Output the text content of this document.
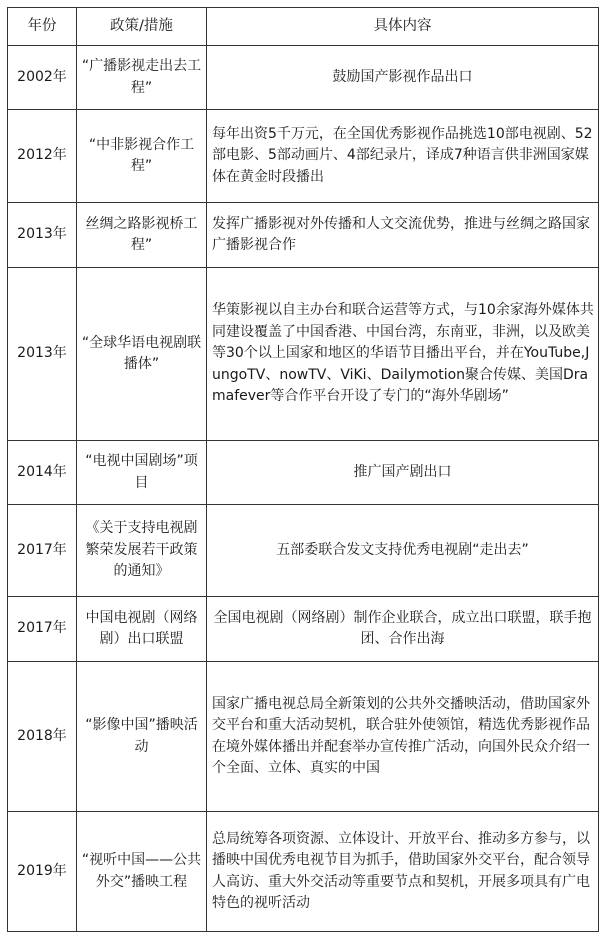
年份	政策/措施	具体内容
2002年	“广播影视走出去工程”	鼓励国产影视作品出口
2012年	“中非影视合作工程”	每年出资5千万元，在全国优秀影视作品挑选10部电视剧、52部电影、5部动画片、4部纪录片，译成7种语言供非洲国家媒体在黄金时段播出
2013年	丝绸之路影视桥工程”	发挥广播影视对外传播和人文交流优势，推进与丝绸之路国家广播影视合作
2013年	“全球华语电视剧联播体”	华策影视以自主办台和联合运营等方式，与10余家海外媒体共同建设覆盖了中国香港、中国台湾，东南亚，非洲，以及欧美等30个以上国家和地区的华语节目播出平台，并在YouTube,JungoTV、nowTV、ViKi、Dailymotion聚合传媒、美国Dramafever等合作平台开设了专门的“海外华剧场”
2014年	“电视中国剧场”项目	推广国产剧出口
2017年	《关于支持电视剧繁荣发展若干政策的通知》	五部委联合发文支持优秀电视剧“走出去”
2017年	中国电视剧（网络剧）出口联盟	全国电视剧（网络剧）制作企业联合，成立出口联盟，联手抱团、合作出海
2018年	“影像中国”播映活动	国家广播电视总局全新策划的公共外交播映活动，借助国家外交平台和重大活动契机，联合驻外使领馆，精选优秀影视作品在境外媒体播出并配套举办宣传推广活动，向国外民众介绍一个全面、立体、真实的中国
2019年	“视听中国——公共外交”播映工程	总局统筹各项资源、立体设计、开放平台、推动多方参与，以播映中国优秀电视节目为抓手，借助国家外交平台，配合领导人高访、重大外交活动等重要节点和契机，开展多项具有广电特色的视听活动
